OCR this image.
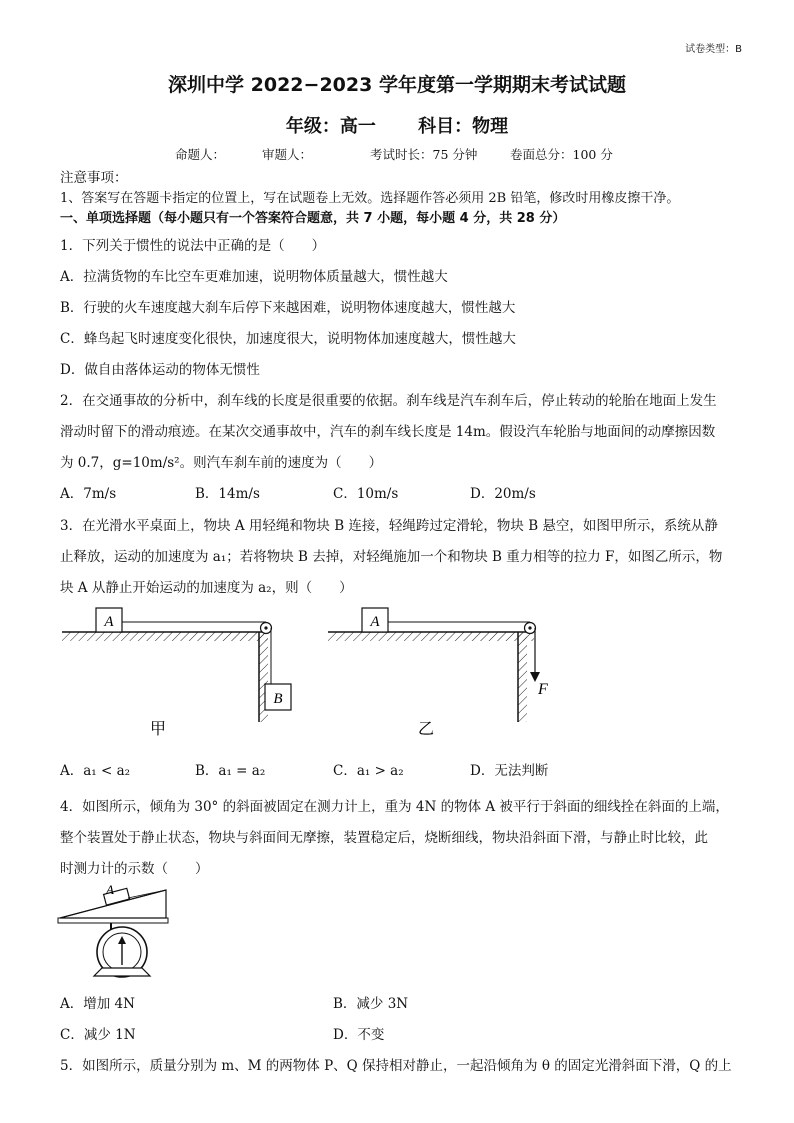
试卷类型：B
深圳中学 2022−2023 学年度第一学期期末考试试题
年级：高一 科目：物理
命题人：	审题人：	考试时长：75 分钟	卷面总分：100 分
注意事项：
1、答案写在答题卡指定的位置上，写在试题卷上无效。选择题作答必须用 2B 铅笔，修改时用橡皮擦干净。
一、单项选择题（每小题只有一个答案符合题意，共 7 小题，每小题 4 分，共 28 分）
1．下列关于惯性的说法中正确的是（　　）
A．拉满货物的车比空车更难加速，说明物体质量越大，惯性越大
B．行驶的火车速度越大刹车后停下来越困难，说明物体速度越大，惯性越大
C．蜂鸟起飞时速度变化很快，加速度很大，说明物体加速度越大，惯性越大
D．做自由落体运动的物体无惯性
2．在交通事故的分析中，刹车线的长度是很重要的依据。刹车线是汽车刹车后，停止转动的轮胎在地面上发生
滑动时留下的滑动痕迹。在某次交通事故中，汽车的刹车线长度是 14m。假设汽车轮胎与地面间的动摩擦因数
为 0.7，g=10m/s²。则汽车刹车前的速度为（　　）
A．7m/s	B．14m/s	C．10m/s	D．20m/s
3．在光滑水平桌面上，物块 A 用轻绳和物块 B 连接，轻绳跨过定滑轮，物块 B 悬空，如图甲所示，系统从静
止释放，运动的加速度为 a₁；若将物块 B 去掉，对轻绳施加一个和物块 B 重力相等的拉力 F，如图乙所示，物
块 A 从静止开始运动的加速度为 a₂，则（　　）
A
B
甲
A
F
乙
A．a₁ < a₂	B．a₁ = a₂	C．a₁ > a₂	D．无法判断
4．如图所示，倾角为 30° 的斜面被固定在测力计上，重为 4N 的物体 A 被平行于斜面的细线拴在斜面的上端，
整个装置处于静止状态，物块与斜面间无摩擦，装置稳定后，烧断细线，物块沿斜面下滑，与静止时比较，此
时测力计的示数（　　）
A
A．增加 4N	B．减少 3N
C．减少 1N	D．不变
5．如图所示，质量分别为 m、M 的两物体 P、Q 保持相对静止，一起沿倾角为 θ 的固定光滑斜面下滑，Q 的上
